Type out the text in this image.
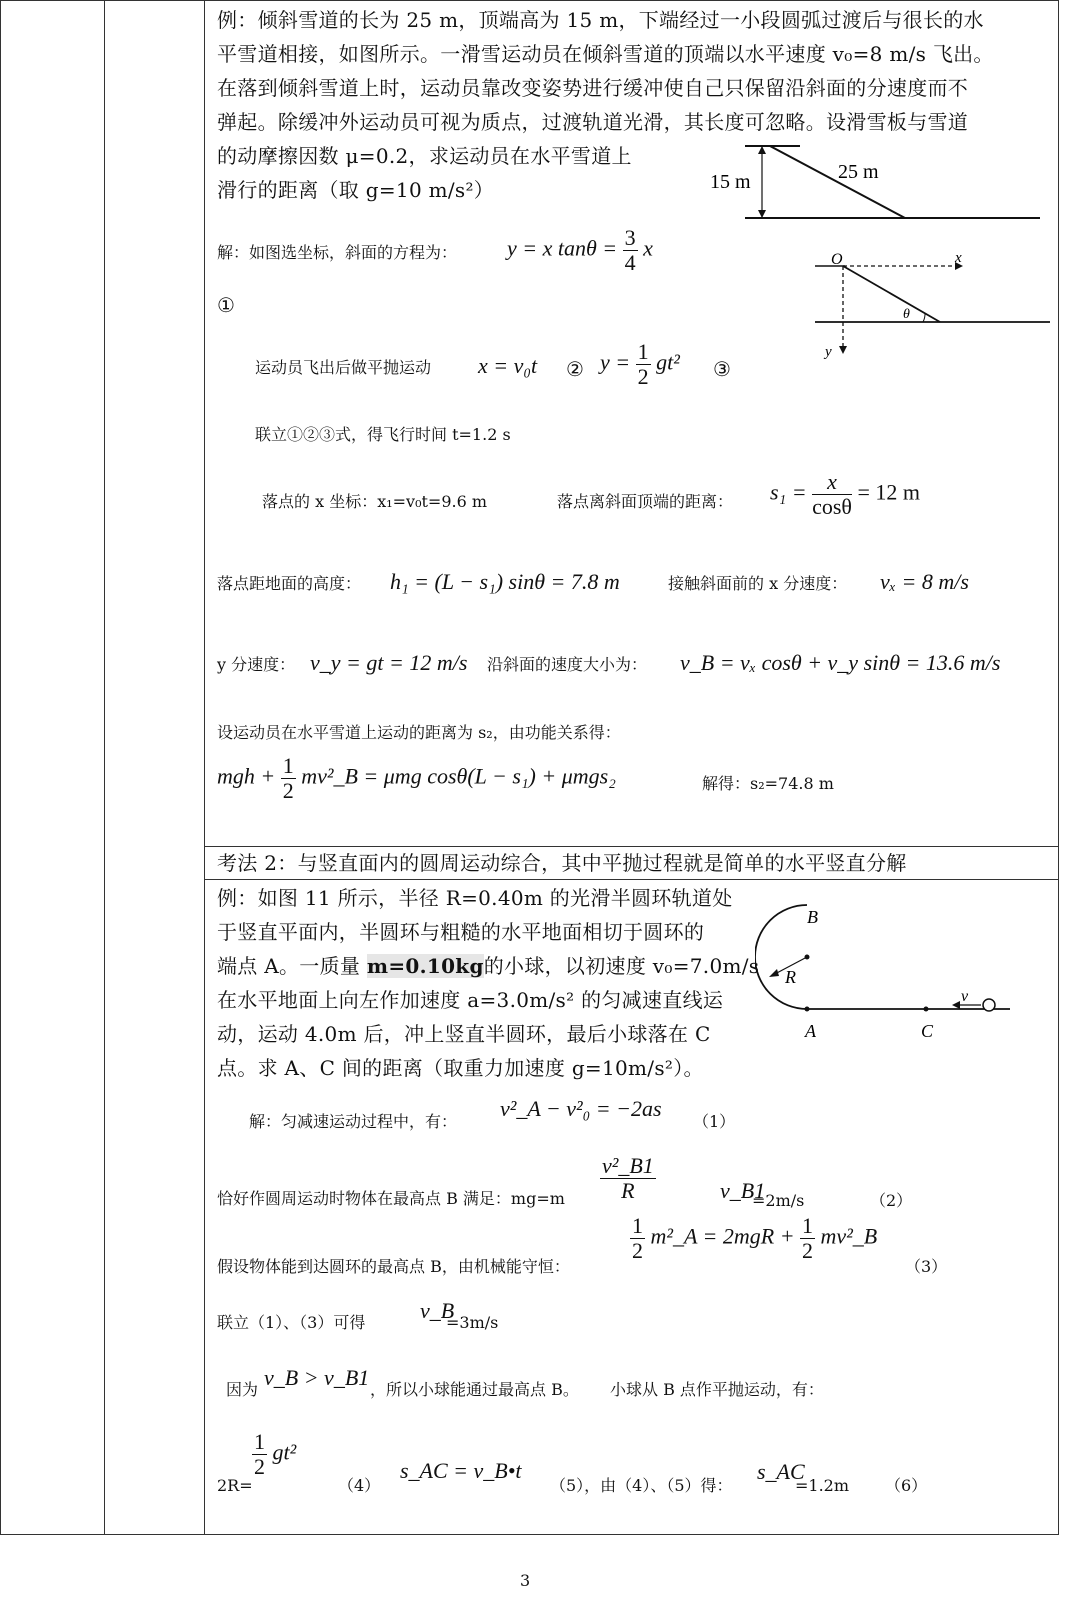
例：倾斜雪道的长为 25 m，顶端高为 15 m，下端经过一小段圆弧过渡后与很长的水
平雪道相接，如图所示。一滑雪运动员在倾斜雪道的顶端以水平速度 v₀=8 m/s 飞出。
在落到倾斜雪道上时，运动员靠改变姿势进行缓冲使自己只保留沿斜面的分速度而不
弹起。除缓冲外运动员可视为质点，过渡轨道光滑，其长度可忽略。设滑雪板与雪道
的动摩擦因数 μ=0.2，求运动员在水平雪道上
滑行的距离（取 g=10 m/s²）	15 m	25 m
O	x
y
θ
解：如图选坐标，斜面的方程为： y = x $\tan\theta = \frac{3}{4}$ x
①
运动员飞出后做平抛运动 x = v₀t ② $y = \frac{1}{2} gt^2$ ③
联立①②③式，得飞行时间 t=1.2 s
落点的 x 坐标：x₁=v₀t=9.6 m	落点离斜面顶端的距离： $s_1 = \frac{x}{\cos\theta} = 12$ m
落点距地面的高度： h₁ = (L − s₁) sinθ = 7.8 m	接触斜面前的 x 分速度： vₓ = 8 m/s
y 分速度： v_y = gt = 12 m/s 沿斜面的速度大小为： v_B = vₓ cosθ + v_y sinθ = 13.6 m/s
设运动员在水平雪道上运动的距离为 s₂，由功能关系得：
mgh + $\frac{1}{2}$ mv²_B = μmg cosθ(L − s₁) + μmgs₂	解得：s₂=74.8 m
考法 2：与竖直面内的圆周运动综合，其中平抛过程就是简单的水平竖直分解
例：如图 11 所示，半径 R=0.40m 的光滑半圆环轨道处
于竖直平面内，半圆环与粗糙的水平地面相切于圆环的
端点 A。一质量 m=0.10kg的小球，以初速度 v₀=7.0m/s
在水平地面上向左作加速度 a=3.0m/s² 的匀减速直线运
动，运动 4.0m 后，冲上竖直半圆环，最后小球落在 C
点。求 A、C 间的距离（取重力加速度 g=10m/s²）。
B
R
A	C
v
解：匀减速运动过程中，有：
v²_A − v²₀ = −2as
（1）
恰好作圆周运动时物体在最高点 B 满足：$mg=m \frac{\text{v²\_B1}}{R}$	v_B1
=2m/s	（2）
假设物体能到达圆环的最高点 B，由机械能守恒：
$\frac{1}{2}$ m²_A = $2mgR + \frac{1}{2}$ mv²_B
（3）
联立（1）、（3）可得 v_B
=3m/s
因为 v_B > v_B1 ，所以小球能通过最高点 B。 小球从 B 点作平抛运动，有：
2R=
$\frac{1}{2} gt^2$
（4）
s_AC = v_B•t
（5），由（4）、（5）得：
s_AC
=1.2m （6）
3
